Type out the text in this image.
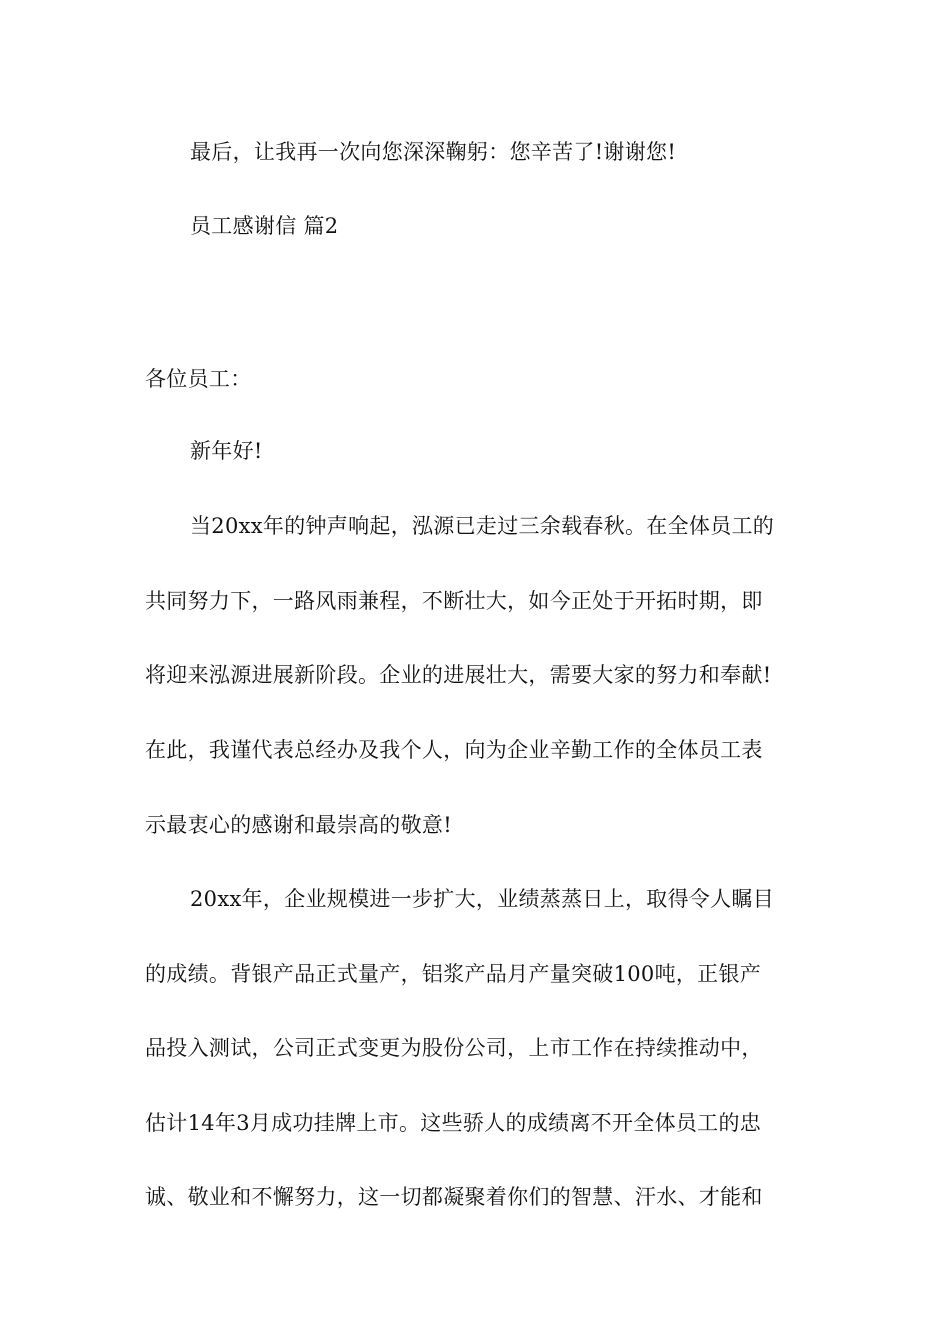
最后，让我再一次向您深深鞠躬：您辛苦了!谢谢您!
员工感谢信 篇2
各位员工：
新年好!
当20xx年的钟声响起，泓源已走过三余载春秋。在全体员工的
共同努力下，一路风雨兼程，不断壮大，如今正处于开拓时期，即
将迎来泓源进展新阶段。企业的进展壮大，需要大家的努力和奉献!
在此，我谨代表总经办及我个人，向为企业辛勤工作的全体员工表
示最衷心的感谢和最崇高的敬意!
20xx年，企业规模进一步扩大，业绩蒸蒸日上，取得令人瞩目
的成绩。背银产品正式量产，铝浆产品月产量突破100吨，正银产
品投入测试，公司正式变更为股份公司，上市工作在持续推动中，
估计14年3月成功挂牌上市。这些骄人的成绩离不开全体员工的忠
诚、敬业和不懈努力，这一切都凝聚着你们的智慧、汗水、才能和
